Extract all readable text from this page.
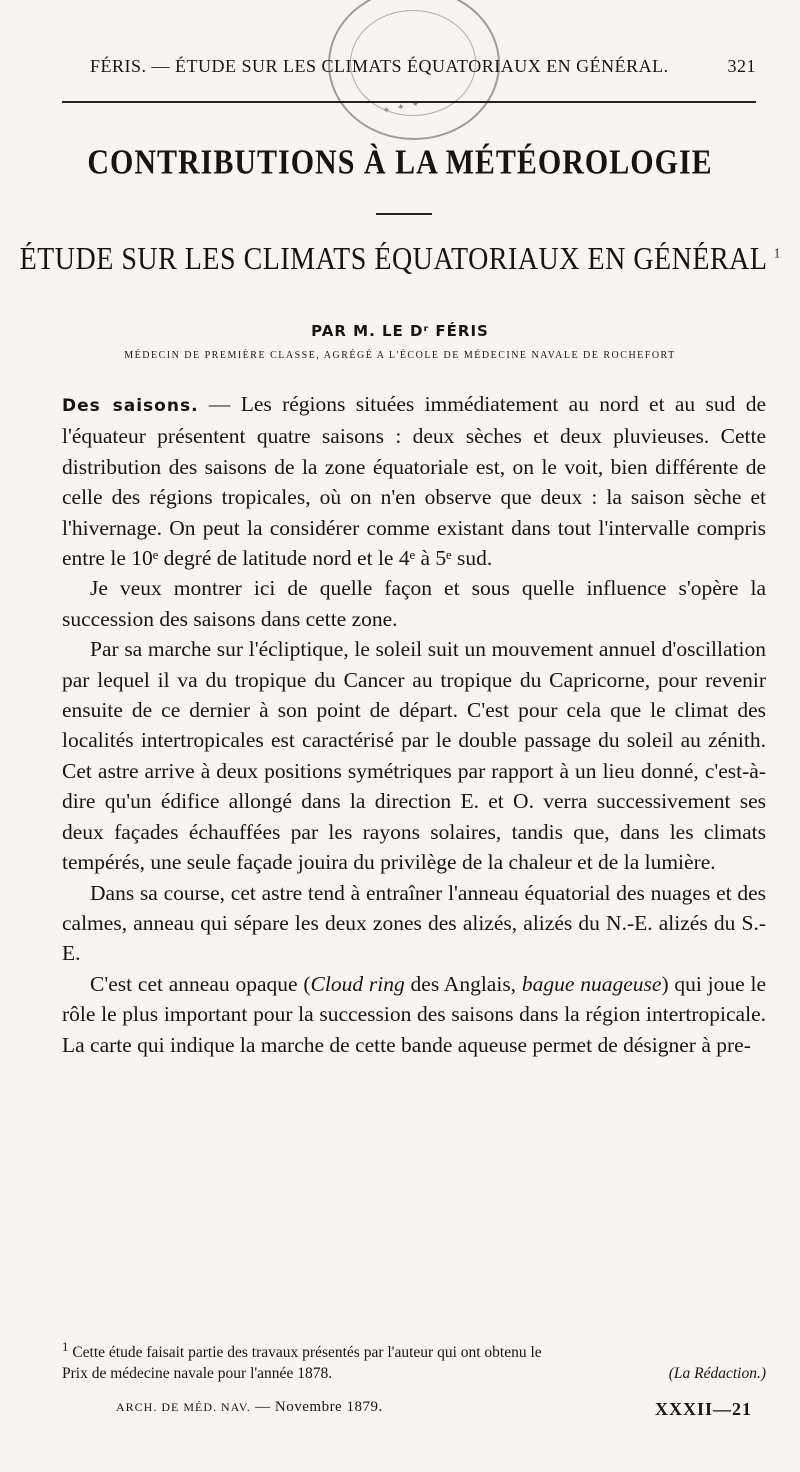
✦ ✦ ✦
FÉRIS. — ÉTUDE SUR LES CLIMATS ÉQUATORIAUX EN GÉNÉRAL.	321
CONTRIBUTIONS À LA MÉTÉOROLOGIE
ÉTUDE SUR LES CLIMATS ÉQUATORIAUX EN GÉNÉRAL $^1$
PAR M. LE Dʳ FÉRIS
MÉDECIN DE PREMIÈRE CLASSE, AGRÉGÉ A L'ÉCOLE DE MÉDECINE NAVALE DE ROCHEFORT

Des saisons. — Les régions situées immédiatement au nord et au sud de l'équateur présentent quatre saisons : deux sèches et deux pluvieuses. Cette distribution des saisons de la zone équatoriale est, on le voit, bien différente de celle des régions tropicales, où on n'en observe que deux : la saison sèche et l'hivernage. On peut la considérer comme existant dans tout l'intervalle compris entre le 10ᵉ degré de latitude nord et le 4ᵉ à 5ᵉ sud.

Je veux montrer ici de quelle façon et sous quelle influence s'opère la succession des saisons dans cette zone.

Par sa marche sur l'écliptique, le soleil suit un mouvement annuel d'oscillation par lequel il va du tropique du Cancer au tropique du Capricorne, pour revenir ensuite de ce dernier à son point de départ. C'est pour cela que le climat des localités intertropicales est caractérisé par le double passage du soleil au zénith. Cet astre arrive à deux positions symétriques par rapport à un lieu donné, c'est-à-dire qu'un édifice allongé dans la direction E. et O. verra successivement ses deux façades échauffées par les rayons solaires, tandis que, dans les climats tempérés, une seule façade jouira du privilège de la chaleur et de la lumière.

Dans sa course, cet astre tend à entraîner l'anneau équatorial des nuages et des calmes, anneau qui sépare les deux zones des alizés, alizés du N.-E. alizés du S.-E.

C'est cet anneau opaque (Cloud ring des Anglais, bague nuageuse) qui joue le rôle le plus important pour la succession des saisons dans la région intertropicale. La carte qui indique la marche de cette bande aqueuse permet de désigner à pre-

$^1$ Cette étude faisait partie des travaux présentés par l'auteur qui ont obtenu le
Prix de médecine navale pour l'année 1878.	(La Rédaction.)
ARCH. DE MÉD. NAV. — Novembre 1879.	XXXII—21
